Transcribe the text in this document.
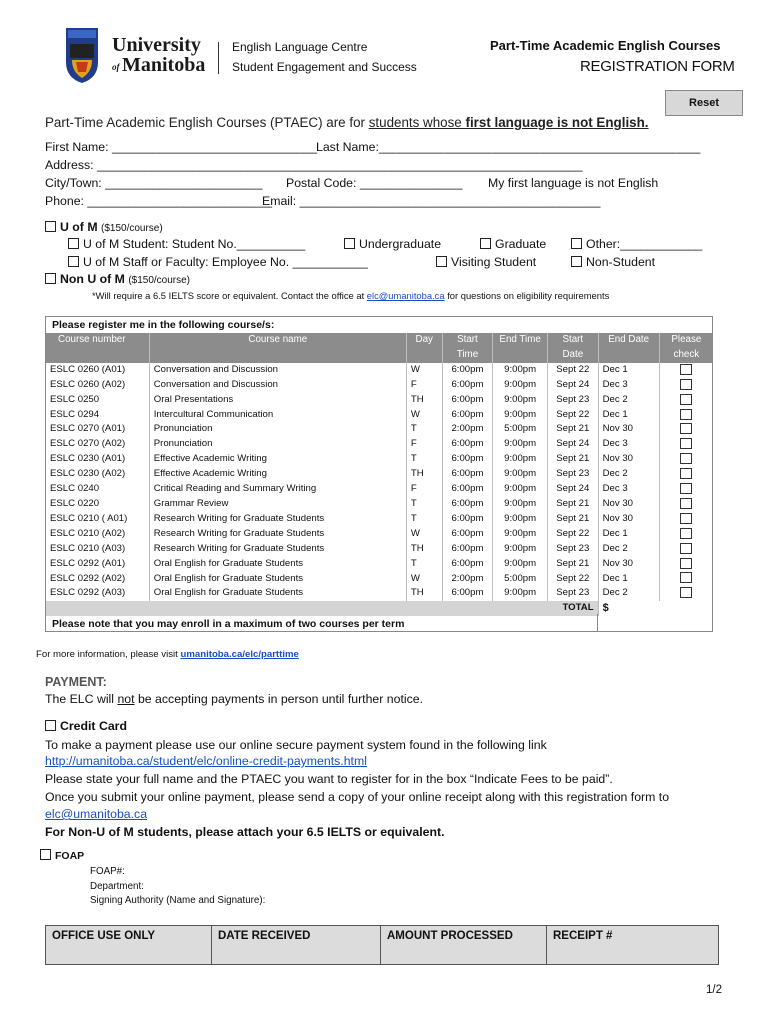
University
of Manitoba
English Language Centre
Student Engagement and Success
Part-Time Academic English Courses
REGISTRATION FORM
Reset
Part-Time Academic English Courses (PTAEC) are for students whose first language is not English.
First Name: ______________________________
Last Name:_______________________________________________
Address: _______________________________________________________________________
City/Town: _______________________ Postal Code: _______________ My first language is not English
Phone: ___________________________
Email: ____________________________________________
U of M ($150/course)
U of M Student: Student No.__________	Undergraduate	Graduate	Other:____________
U of M Staff or Faculty: Employee No. ___________	Visiting Student	Non-Student
Non U of M ($150/course)
*Will require a 6.5 IELTS score or equivalent. Contact the office at elc@umanitoba.ca for questions on eligibility requirements
Please register me in the following course/s:
Course number	Course name	Day	Start Time	End Time	Start Date	End Date	Please check
ESLC 0260 (A01)	Conversation and Discussion	W	6:00pm	9:00pm	Sept 22	Dec 1	
ESLC 0260 (A02)	Conversation and Discussion	F	6:00pm	9:00pm	Sept 24	Dec 3	
ESLC 0250	Oral Presentations	TH	6:00pm	9:00pm	Sept 23	Dec 2	
ESLC 0294	Intercultural Communication	W	6:00pm	9:00pm	Sept 22	Dec 1	
ESLC 0270 (A01)	Pronunciation	T	2:00pm	5:00pm	Sept 21	Nov 30	
ESLC 0270 (A02)	Pronunciation	F	6:00pm	9:00pm	Sept 24	Dec 3	
ESLC 0230 (A01)	Effective Academic Writing	T	6:00pm	9:00pm	Sept 21	Nov 30	
ESLC 0230 (A02)	Effective Academic Writing	TH	6:00pm	9:00pm	Sept 23	Dec 2	
ESLC 0240	Critical Reading and Summary Writing	F	6:00pm	9:00pm	Sept 24	Dec 3	
ESLC 0220	Grammar Review	T	6:00pm	9:00pm	Sept 21	Nov 30	
ESLC 0210 ( A01)	Research Writing for Graduate Students	T	6:00pm	9:00pm	Sept 21	Nov 30	
ESLC 0210 (A02)	Research Writing for Graduate Students	W	6:00pm	9:00pm	Sept 22	Dec 1	
ESLC 0210 (A03)	Research Writing for Graduate Students	TH	6:00pm	9:00pm	Sept 23	Dec 2	
ESLC 0292 (A01)	Oral English for Graduate Students	T	6:00pm	9:00pm	Sept 21	Nov 30	
ESLC 0292 (A02)	Oral English for Graduate Students	W	2:00pm	5:00pm	Sept 22	Dec 1	
ESLC 0292 (A03)	Oral English for Graduate Students	TH	6:00pm	9:00pm	Sept 23	Dec 2	
TOTAL						$	
Please note that you may enroll in a maximum of two courses per term
For more information, please visit umanitoba.ca/elc/parttime
PAYMENT:
The ELC will not be accepting payments in person until further notice.
Credit Card
To make a payment please use our online secure payment system found in the following link
http://umanitoba.ca/student/elc/online-credit-payments.html
Please state your full name and the PTAEC you want to register for in the box “Indicate Fees to be paid”.
Once you submit your online payment, please send a copy of your online receipt along with this registration form to
elc@umanitoba.ca
For Non-U of M students, please attach your 6.5 IELTS or equivalent.
FOAP
FOAP#:
Department:
Signing Authority (Name and Signature):
OFFICE USE ONLY	DATE RECEIVED	AMOUNT PROCESSED	RECEIPT #
1/2
